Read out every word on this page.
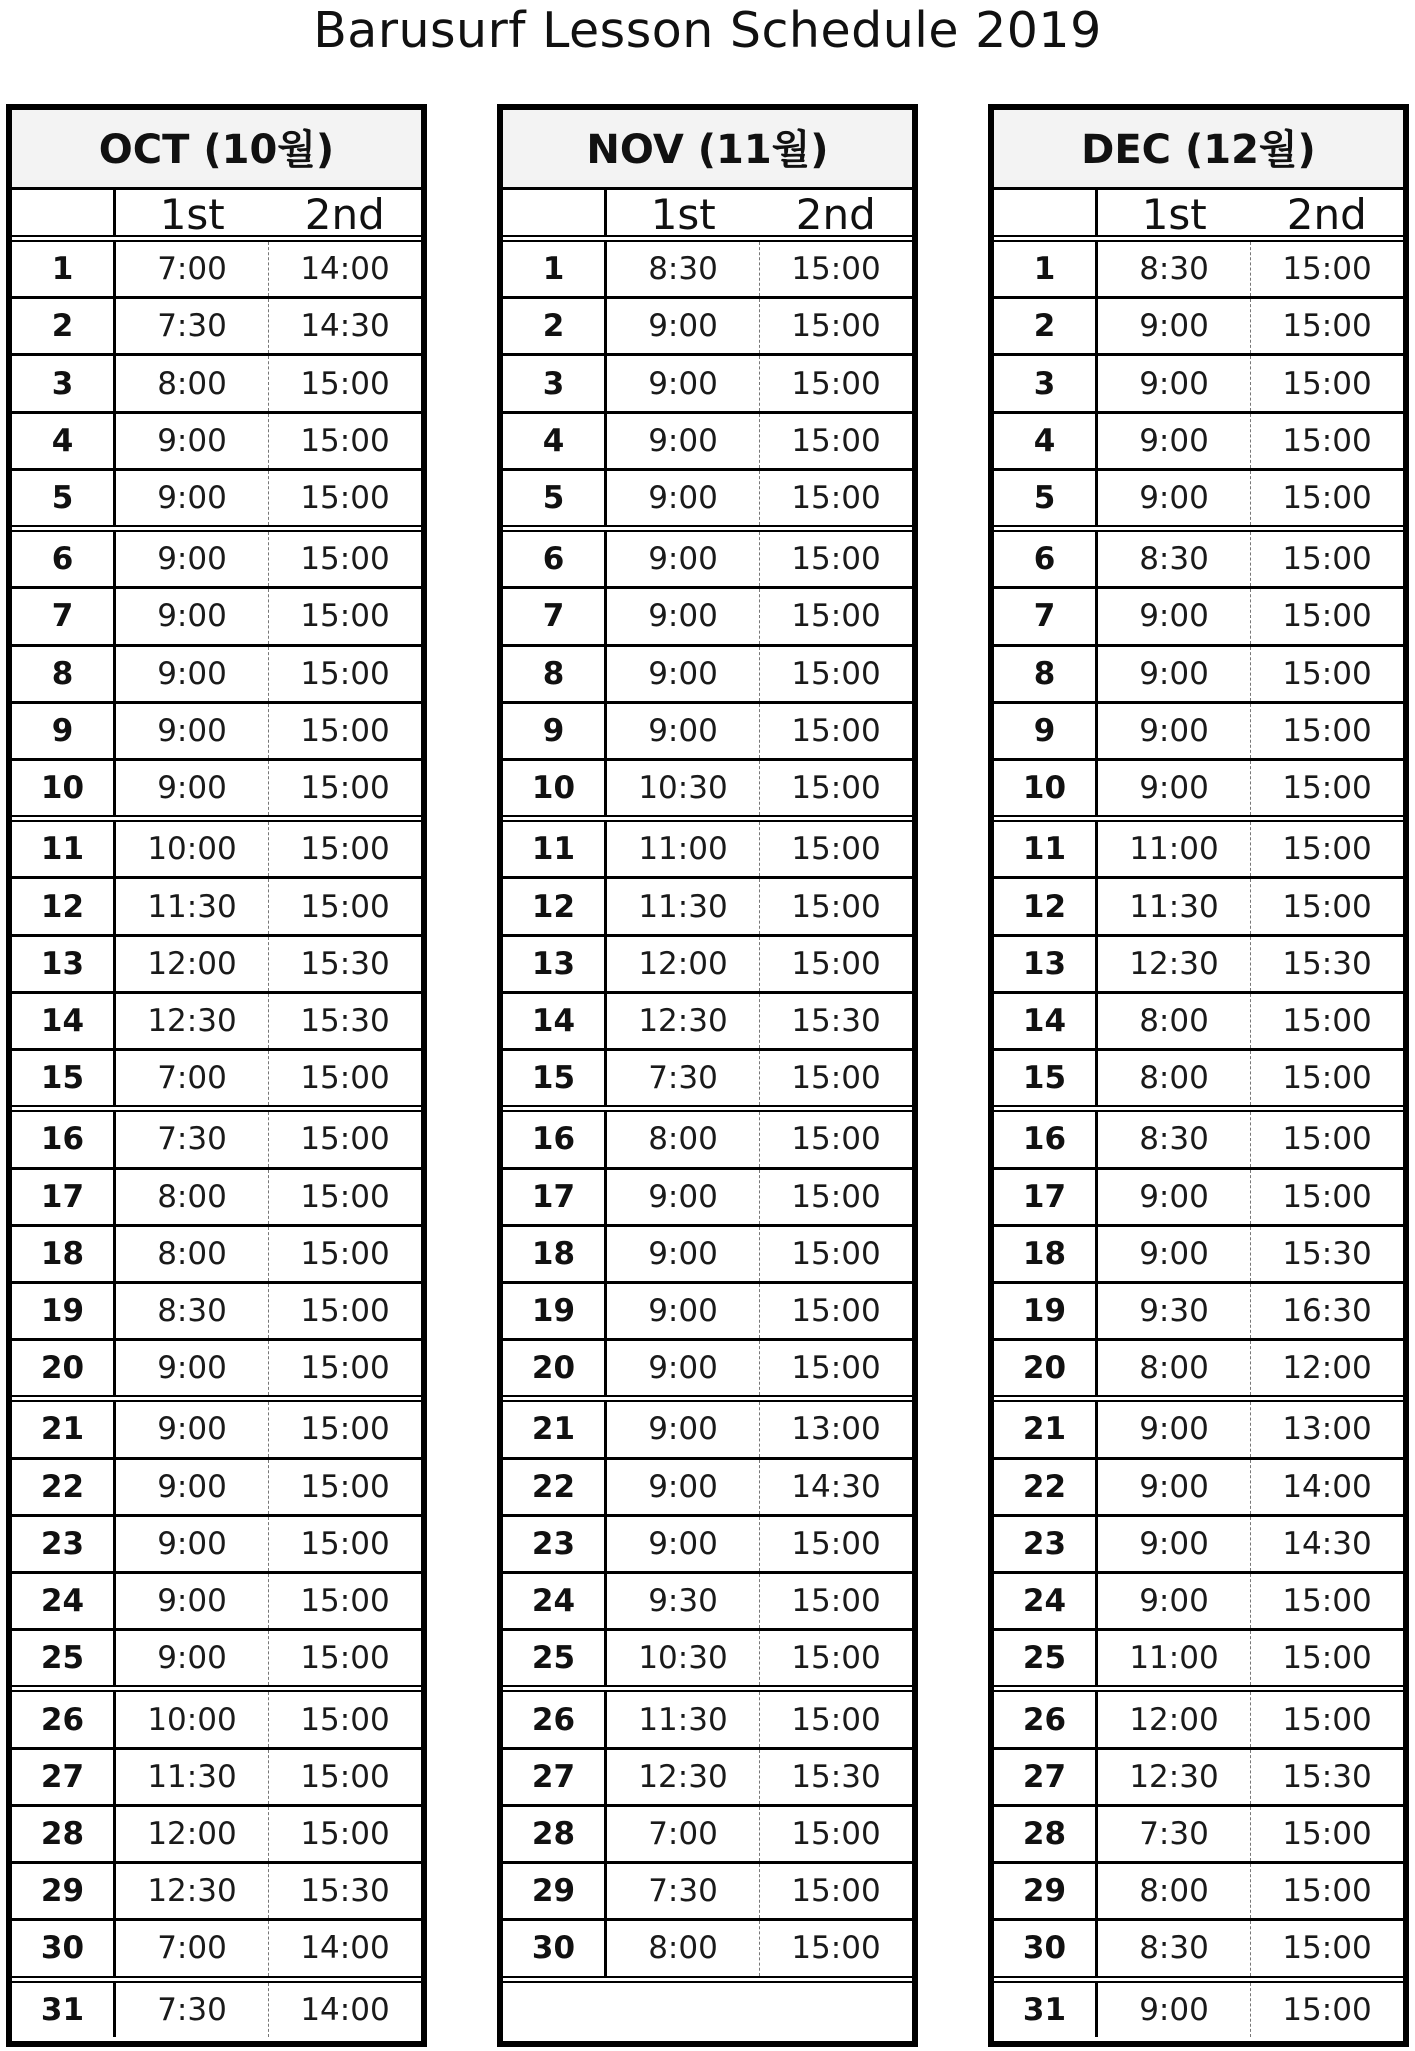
Barusurf Lesson Schedule 2019
OCT (10월)
1st	2nd
1	7:00	14:00
2	7:30	14:30
3	8:00	15:00
4	9:00	15:00
5	9:00	15:00
6	9:00	15:00
7	9:00	15:00
8	9:00	15:00
9	9:00	15:00
10	9:00	15:00
11	10:00	15:00
12	11:30	15:00
13	12:00	15:30
14	12:30	15:30
15	7:00	15:00
16	7:30	15:00
17	8:00	15:00
18	8:00	15:00
19	8:30	15:00
20	9:00	15:00
21	9:00	15:00
22	9:00	15:00
23	9:00	15:00
24	9:00	15:00
25	9:00	15:00
26	10:00	15:00
27	11:30	15:00
28	12:00	15:00
29	12:30	15:30
30	7:00	14:00
31	7:30	14:00
NOV (11월)
1st	2nd
1	8:30	15:00
2	9:00	15:00
3	9:00	15:00
4	9:00	15:00
5	9:00	15:00
6	9:00	15:00
7	9:00	15:00
8	9:00	15:00
9	9:00	15:00
10	10:30	15:00
11	11:00	15:00
12	11:30	15:00
13	12:00	15:00
14	12:30	15:30
15	7:30	15:00
16	8:00	15:00
17	9:00	15:00
18	9:00	15:00
19	9:00	15:00
20	9:00	15:00
21	9:00	13:00
22	9:00	14:30
23	9:00	15:00
24	9:30	15:00
25	10:30	15:00
26	11:30	15:00
27	12:30	15:30
28	7:00	15:00
29	7:30	15:00
30	8:00	15:00
DEC (12월)
1st	2nd
1	8:30	15:00
2	9:00	15:00
3	9:00	15:00
4	9:00	15:00
5	9:00	15:00
6	8:30	15:00
7	9:00	15:00
8	9:00	15:00
9	9:00	15:00
10	9:00	15:00
11	11:00	15:00
12	11:30	15:00
13	12:30	15:30
14	8:00	15:00
15	8:00	15:00
16	8:30	15:00
17	9:00	15:00
18	9:00	15:30
19	9:30	16:30
20	8:00	12:00
21	9:00	13:00
22	9:00	14:00
23	9:00	14:30
24	9:00	15:00
25	11:00	15:00
26	12:00	15:00
27	12:30	15:30
28	7:30	15:00
29	8:00	15:00
30	8:30	15:00
31	9:00	15:00
